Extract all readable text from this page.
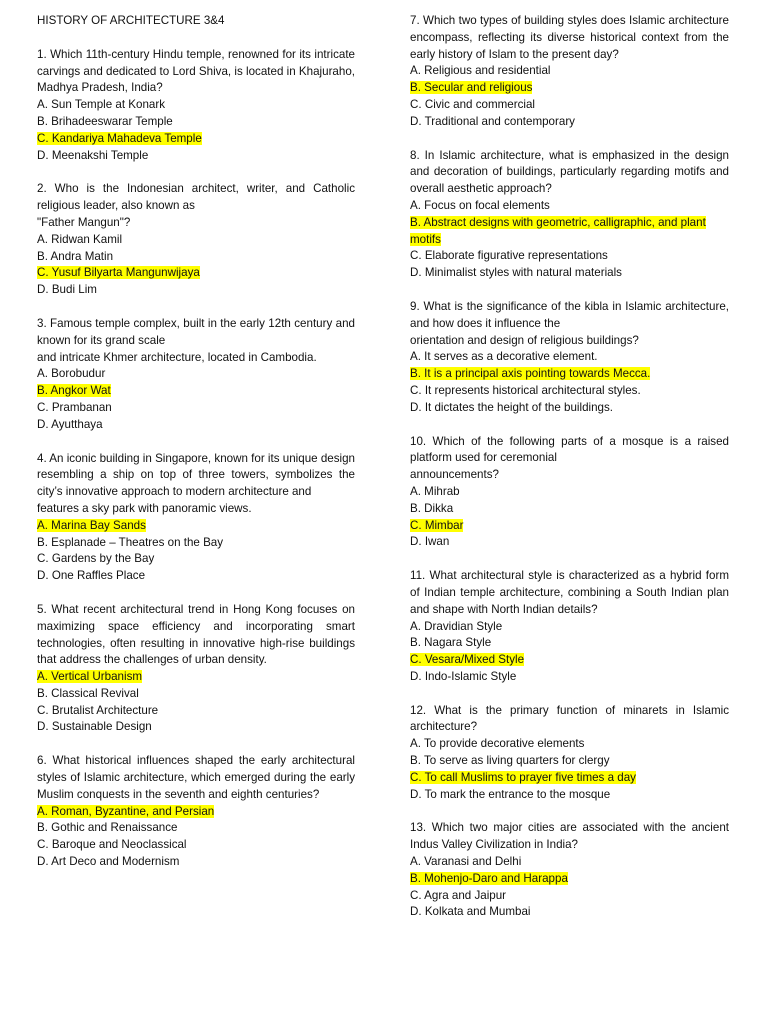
HISTORY OF ARCHITECTURE 3&4
1. Which 11th-century Hindu temple, renowned for its intricate carvings and dedicated to Lord Shiva, is located in Khajuraho, Madhya Pradesh, India?
A. Sun Temple at Konark
B. Brihadeeswarar Temple
C. Kandariya Mahadeva Temple
D. Meenakshi Temple
2. Who is the Indonesian architect, writer, and Catholic religious leader, also known as
"Father Mangun"?
A. Ridwan Kamil
B. Andra Matin
C. Yusuf Bilyarta Mangunwijaya
D. Budi Lim
3. Famous temple complex, built in the early 12th century and known for its grand scale
and intricate Khmer architecture, located in Cambodia.
A. Borobudur
B. Angkor Wat
C. Prambanan
D. Ayutthaya
4. An iconic building in Singapore, known for its unique design resembling a ship on top of three towers, symbolizes the city’s innovative approach to modern architecture and
features a sky park with panoramic views.
A. Marina Bay Sands
B. Esplanade – Theatres on the Bay
C. Gardens by the Bay
D. One Raffles Place
5. What recent architectural trend in Hong Kong focuses on maximizing space efficiency and incorporating smart technologies, often resulting in innovative high-rise buildings that address the challenges of urban density.
A. Vertical Urbanism
B. Classical Revival
C. Brutalist Architecture
D. Sustainable Design
6. What historical influences shaped the early architectural styles of Islamic architecture, which emerged during the early Muslim conquests in the seventh and eighth centuries?
A. Roman, Byzantine, and Persian
B. Gothic and Renaissance
C. Baroque and Neoclassical
D. Art Deco and Modernism
7. Which two types of building styles does Islamic architecture encompass, reflecting its diverse historical context from the early history of Islam to the present day?
A. Religious and residential
B. Secular and religious
C. Civic and commercial
D. Traditional and contemporary
8. In Islamic architecture, what is emphasized in the design and decoration of buildings, particularly regarding motifs and overall aesthetic approach?
A. Focus on focal elements
B. Abstract designs with geometric, calligraphic, and plant motifs
C. Elaborate figurative representations
D. Minimalist styles with natural materials
9. What is the significance of the kibla in Islamic architecture, and how does it influence the
orientation and design of religious buildings?
A. It serves as a decorative element.
B. It is a principal axis pointing towards Mecca.
C. It represents historical architectural styles.
D. It dictates the height of the buildings.
10. Which of the following parts of a mosque is a raised platform used for ceremonial
announcements?
A. Mihrab
B. Dikka
C. Mimbar
D. Iwan
11. What architectural style is characterized as a hybrid form of Indian temple architecture, combining a South Indian plan and shape with North Indian details?
A. Dravidian Style
B. Nagara Style
C. Vesara/Mixed Style
D. Indo-Islamic Style
12. What is the primary function of minarets in Islamic architecture?
A. To provide decorative elements
B. To serve as living quarters for clergy
C. To call Muslims to prayer five times a day
D. To mark the entrance to the mosque
13. Which two major cities are associated with the ancient Indus Valley Civilization in India?
A. Varanasi and Delhi
B. Mohenjo-Daro and Harappa
C. Agra and Jaipur
D. Kolkata and Mumbai
